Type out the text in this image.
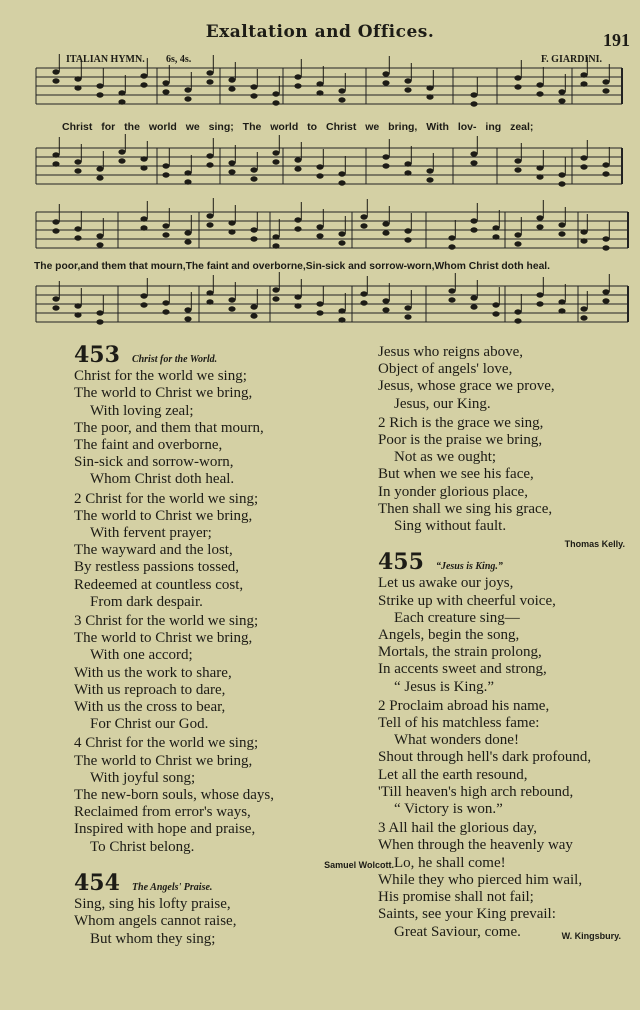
Exaltation and Offices.	191
ITALIAN HYMN. 6s, 4s.	F. GIARDINI.
Christ for the world we sing; The world to Christ we bring, With lov- ing zeal;
The poor,and them that mourn,The faint and overborne,Sin-sick and sorrow-worn,Whom Christ doth heal.
453 Christ for the World.
Christ for the world we sing;
The world to Christ we bring,
With loving zeal;
The poor, and them that mourn,
The faint and overborne,
Sin-sick and sorrow-worn,
Whom Christ doth heal.
2 Christ for the world we sing;
The world to Christ we bring,
With fervent prayer;
The wayward and the lost,
By restless passions tossed,
Redeemed at countless cost,
From dark despair.
3 Christ for the world we sing;
The world to Christ we bring,
With one accord;
With us the work to share,
With us reproach to dare,
With us the cross to bear,
For Christ our God.
4 Christ for the world we sing;
The world to Christ we bring,
With joyful song;
The new-born souls, whose days,
Reclaimed from error's ways,
Inspired with hope and praise,
To Christ belong.
Samuel Wolcott.
454 The Angels' Praise.
Sing, sing his lofty praise,
Whom angels cannot raise,
But whom they sing;
Jesus who reigns above,
Object of angels' love,
Jesus, whose grace we prove,
Jesus, our King.
2 Rich is the grace we sing,
Poor is the praise we bring,
Not as we ought;
But when we see his face,
In yonder glorious place,
Then shall we sing his grace,
Sing without fault.
Thomas Kelly.
455 “Jesus is King.”
Let us awake our joys,
Strike up with cheerful voice,
Each creature sing—
Angels, begin the song,
Mortals, the strain prolong,
In accents sweet and strong,
“ Jesus is King.”
2 Proclaim abroad his name,
Tell of his matchless fame:
What wonders done!
Shout through hell's dark profound,
Let all the earth resound,
'Till heaven's high arch rebound,
“ Victory is won.”
3 All hail the glorious day,
When through the heavenly way
Lo, he shall come!
While they who pierced him wail,
His promise shall not fail;
Saints, see your King prevail:
Great Saviour, come.	W. Kingsbury.
